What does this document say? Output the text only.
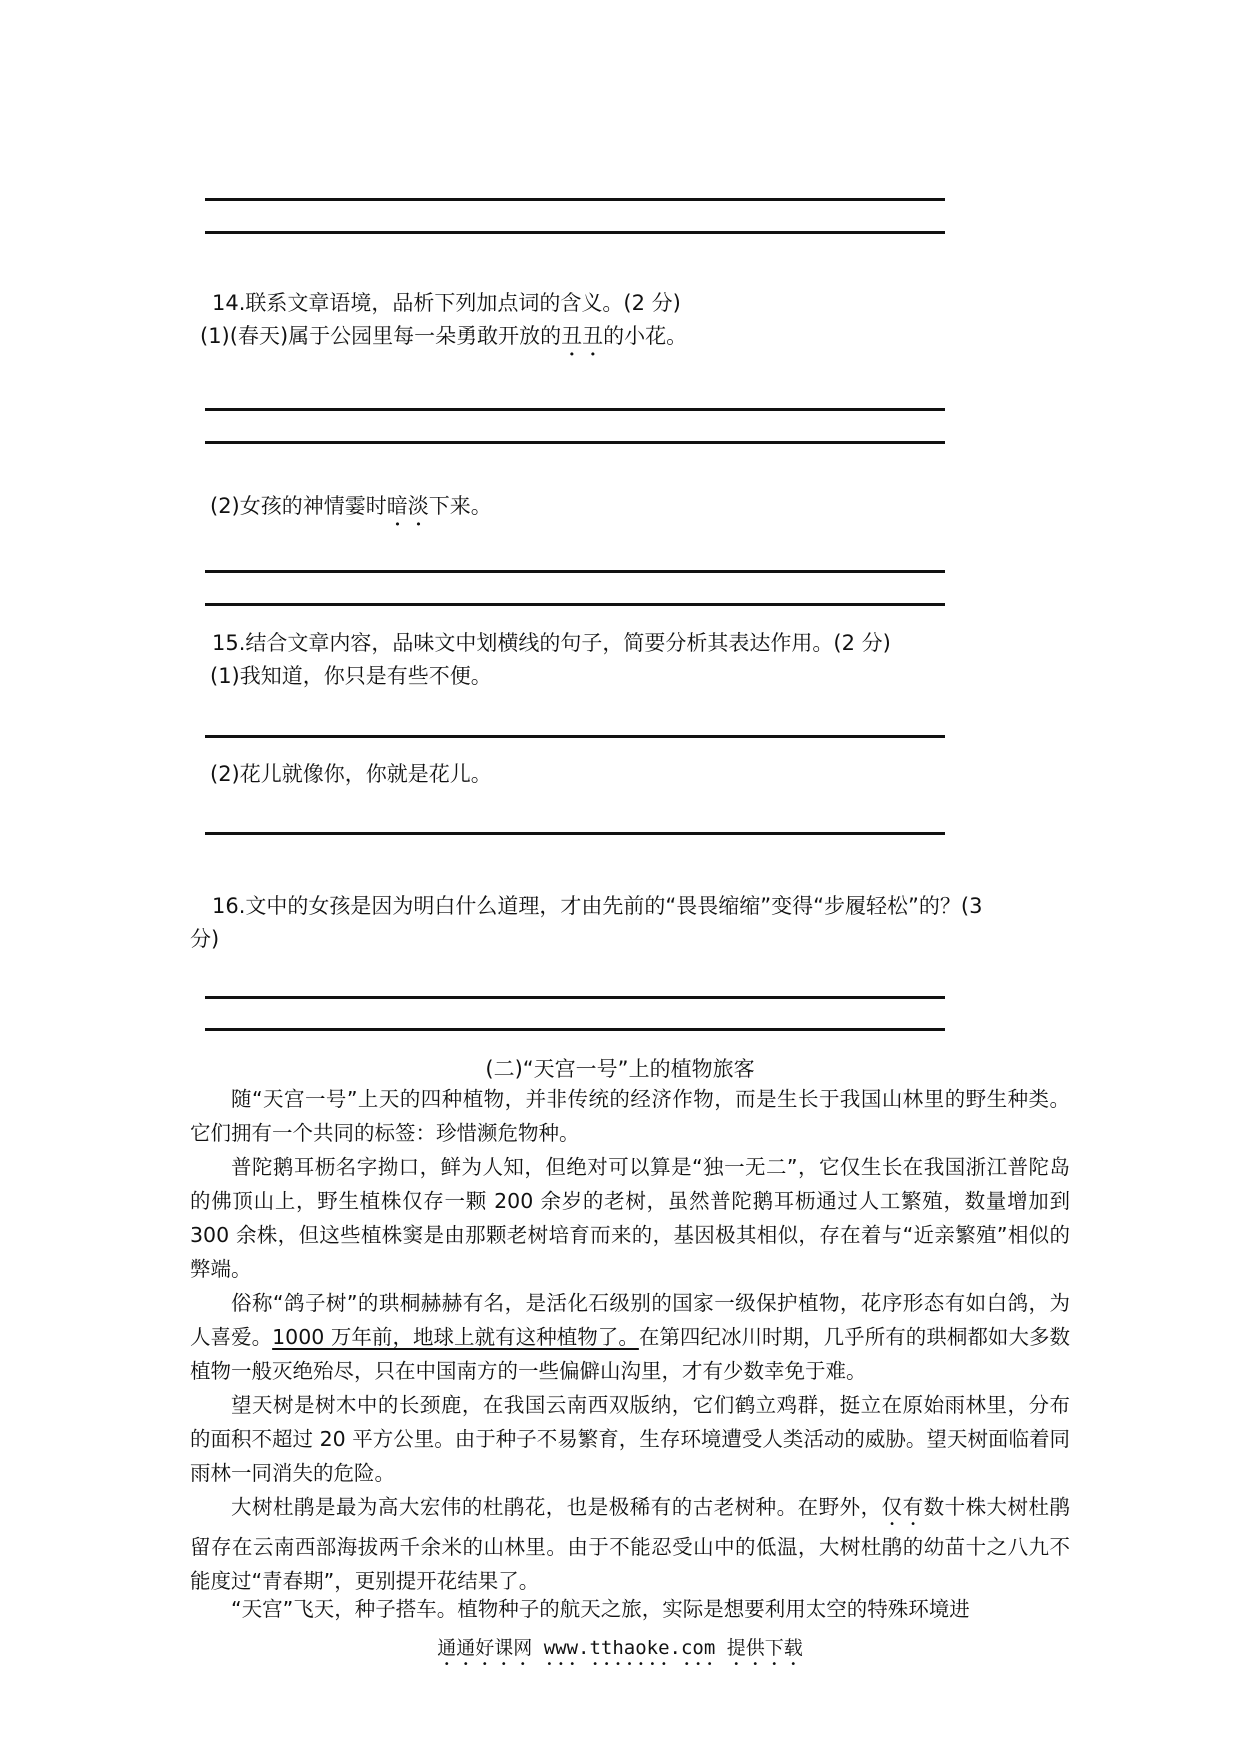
14.联系文章语境，品析下列加点词的含义。(2 分)
(1)(春天)属于公园里每一朵勇敢开放的丑丑的小花。
(2)女孩的神情霎时暗淡下来。
15.结合文章内容，品味文中划横线的句子，简要分析其表达作用。(2 分)
(1)我知道，你只是有些不便。
(2)花儿就像你，你就是花儿。
16.文中的女孩是因为明白什么道理，才由先前的“畏畏缩缩”变得“步履轻松”的？(3
分)
(二)“天宫一号”上的植物旅客

随“天宫一号”上天的四种植物，并非传统的经济作物，而是生长于我国山林里的野生种类。它们拥有一个共同的标签：珍惜濒危物种。

普陀鹅耳枥名字拗口，鲜为人知，但绝对可以算是“独一无二”，它仅生长在我国浙江普陀岛的佛顶山上，野生植株仅存一颗 200 余岁的老树，虽然普陀鹅耳枥通过人工繁殖，数量增加到 300 余株，但这些植株窦是由那颗老树培育而来的，基因极其相似，存在着与“近亲繁殖”相似的弊端。

俗称“鸽子树”的珙桐赫赫有名，是活化石级别的国家一级保护植物，花序形态有如白鸽，为人喜爱。1000 万年前，地球上就有这种植物了。在第四纪冰川时期，几乎所有的珙桐都如大多数植物一般灭绝殆尽，只在中国南方的一些偏僻山沟里，才有少数幸免于难。

望天树是树木中的长颈鹿，在我国云南西双版纳，它们鹤立鸡群，挺立在原始雨林里，分布的面积不超过 20 平方公里。由于种子不易繁育，生存环境遭受人类活动的威胁。望天树面临着同雨林一同消失的危险。

大树杜鹃是最为高大宏伟的杜鹃花，也是极稀有的古老树种。在野外，仅有数十株大树杜鹃留存在云南西部海拔两千余米的山林里。由于不能忍受山中的低温，大树杜鹃的幼苗十之八九不能度过“青春期”，更别提开花结果了。

“天宫”飞天，种子搭车。植物种子的航天之旅，实际是想要利用太空的特殊环境进

通通好课网 www.tthaoke.com 提供下载
